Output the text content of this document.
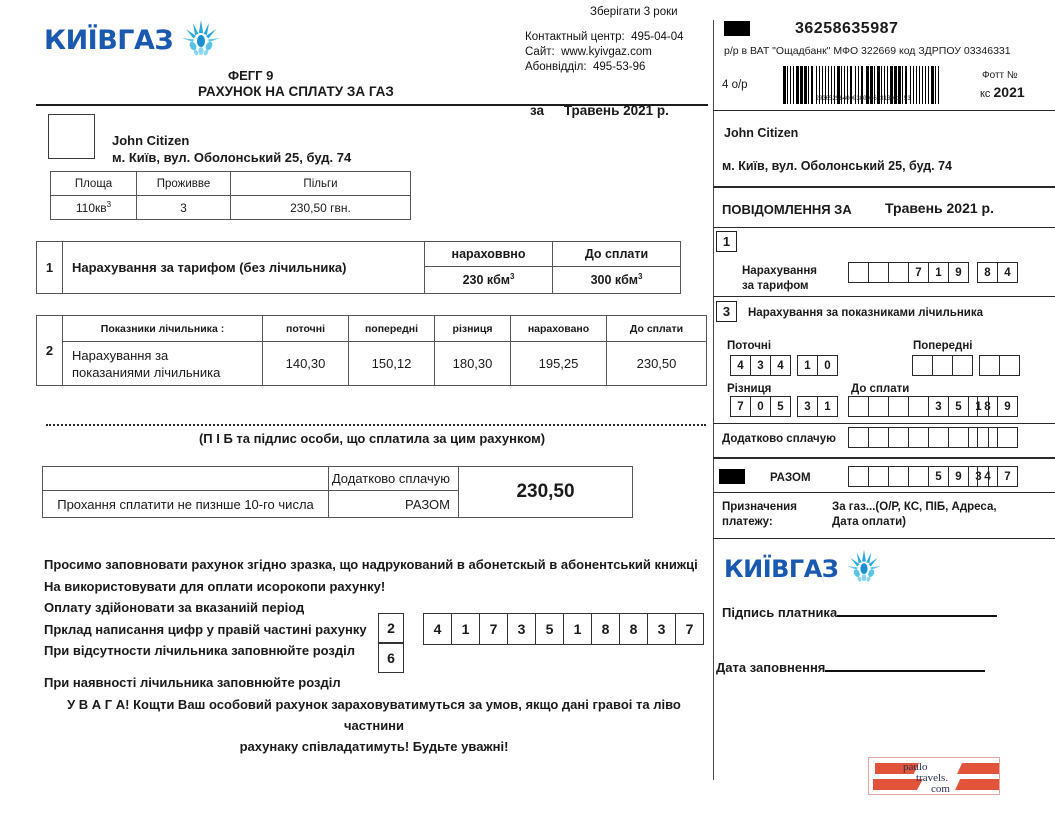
КИЇВГАЗ
Зберігати 3 роки
Контактный центр: 495-04-04
Сайт: www.kyivgaz.com
Абонвідділ: 495-53-96
ФЕГГ 9
РАХУНОК НА СПЛАТУ ЗА ГАЗ
за Травень 2021 р.
John Citizen
м. Київ, вул. Оболонський 25, буд. 74
Площа	Проживве	Пільги
$110кв^3$	3	230,50 гвн.
1	Нарахування за тарифом (без лічильника)	нараховвно	До сплати
		230 кбм$^3$	300 кбм$^3$
2	Показники лічильника :	поточні	попередні	різниця	нараховано	До сплати
	Нарахування за
показаниями лічильника	140,30	150,12	180,30	195,25	230,50
(П І Б та підлис особи, що сплатила за цим рахунком)
	Додатково сплачую	230,50
Прохання сплатити не пизнше 10-го числа	РАЗОМ	
Просимо заповновати рахунок згідно зразка, що надрукований в абонетскый в абонентський книжці
На використовувати для оплати исорокопи рахунку!
Оплату здійоновати за вказаниій період
Прклад написання цифр у правій частині рахунку
При відсутности лічильника заповнюйте розділ
При наявності лічильника заповнюйте розділ
2
6
4	1	7	3	5	1	8	8	3	7
У В А Г А! Кощти Ваш особовий рахунок зараховуватимуться за умов, якщо дані гравоі та ліво частнини
рахунаку співладатимуть! Будьте уважні!
36258635987
р/р в ВАТ "Ощадбанк" МФО 322669 код ЗДРПОУ 03346331
4 о/р
Фотт №
кс 2021
2036525640003000260313012 53
John Citizen
м. Київ, вул. Оболонський 25, буд. 74
ПОВІДОМЛЕННЯ ЗА Травень 2021 р.
1
Нарахування
за тарифом
7	1	9	8	4
3	Нарахування за показниками лічильника
Поточні
4	3	4	1	0
Попередні
Різниця
7	0	5	3	1
До сплати
3	5	1 8	9
Додатково сплачую
РАЗОМ	5	9	3 4	7
Призначения
платежу:
За газ...(О/Р, КС, ПІБ, Адреса,
Дата оплати)
КИЇВГАЗ
Підпись платника
Дата заповнення
paulo
travels.
com
